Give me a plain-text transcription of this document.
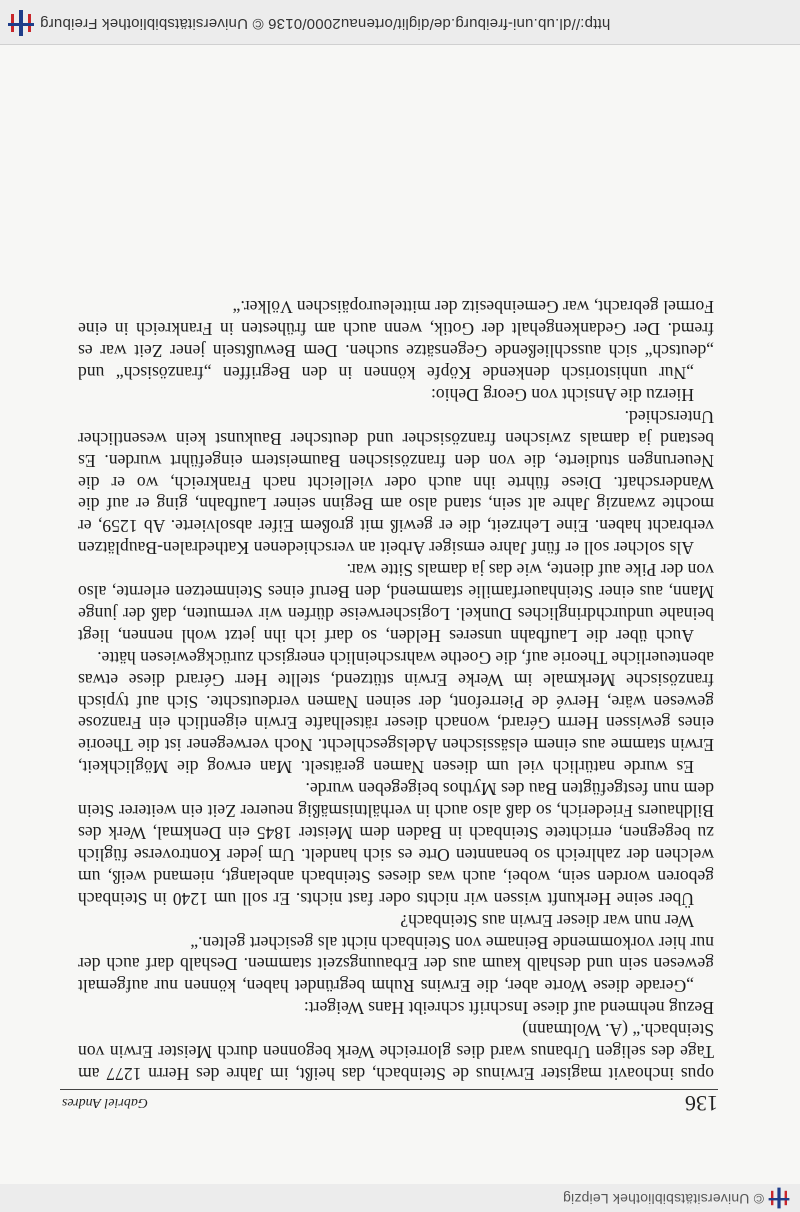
© Universitätsbibliothek Leipzig
136
Gabriel Andres

opus inchoavit magister Erwinus de Steinbach, das heißt, im Jahre des Herrn 1277 am Tage des seligen Urbanus ward dies glorreiche Werk begonnen durch Meister Erwin von Steinbach.“ (A. Woltmann)

Bezug nehmend auf diese Inschrift schreibt Hans Weigert:

„Gerade diese Worte aber, die Erwins Ruhm begründet haben, können nur aufgemalt gewesen sein und deshalb kaum aus der Erbauungszeit stammen. Deshalb darf auch der nur hier vorkommende Beiname von Steinbach nicht als gesichert gelten.“

Wer nun war dieser Erwin aus Steinbach?

Über seine Herkunft wissen wir nichts oder fast nichts. Er soll um 1240 in Steinbach geboren worden sein, wobei, auch was dieses Steinbach anbelangt, niemand weiß, um welchen der zahlreich so benannten Orte es sich handelt. Um jeder Kontroverse füglich zu begegnen, errichtete Steinbach in Baden dem Meister 1845 ein Denkmal, Werk des Bildhauers Friederich, so daß also auch in verhältnismäßig neuerer Zeit ein weiterer Stein dem nun festgefügten Bau des Mythos beigegeben wurde.

Es wurde natürlich viel um diesen Namen gerätselt. Man erwog die Möglichkeit, Erwin stamme aus einem elsässischen Adelsgeschlecht. Noch verwegener ist die Theorie eines gewissen Herrn Gérard, wonach dieser rätselhafte Erwin eigentlich ein Franzose gewesen wäre, Hervé de Pierrefont, der seinen Namen verdeutschte. Sich auf typisch französische Merkmale im Werke Erwin stützend, stellte Herr Gérard diese etwas abenteuerliche Theorie auf, die Goethe wahrscheinlich energisch zurückgewiesen hätte.

Auch über die Laufbahn unseres Helden, so darf ich ihn jetzt wohl nennen, liegt beinahe undurchdringliches Dunkel. Logischerweise dürfen wir vermuten, daß der junge Mann, aus einer Steinhauerfamilie stammend, den Beruf eines Steinmetzen erlernte, also von der Pike auf diente, wie das ja damals Sitte war.

Als solcher soll er fünf Jahre emsiger Arbeit an verschiedenen Kathedralen-Bauplätzen verbracht haben. Eine Lehrzeit, die er gewiß mit großem Eifer absolvierte. Ab 1259, er mochte zwanzig Jahre alt sein, stand also am Beginn seiner Laufbahn, ging er auf die Wanderschaft. Diese führte ihn auch oder vielleicht nach Frankreich, wo er die Neuerungen studierte, die von den französischen Baumeistern eingeführt wurden. Es bestand ja damals zwischen französischer und deutscher Baukunst kein wesentlicher Unterschied.

Hierzu die Ansicht von Georg Dehio:

„Nur unhistorisch denkende Köpfe können in den Begriffen „französisch“ und „deutsch“ sich ausschließende Gegensätze suchen. Dem Bewußtsein jener Zeit war es fremd. Der Gedankengehalt der Gotik, wenn auch am frühesten in Frankreich in eine Formel gebracht, war Gemeinbesitz der mitteleuropäischen Völker.“

http://dl.ub.uni-freiburg.de/diglit/ortenau2000/0136 © Universitätsbibliothek Freiburg
